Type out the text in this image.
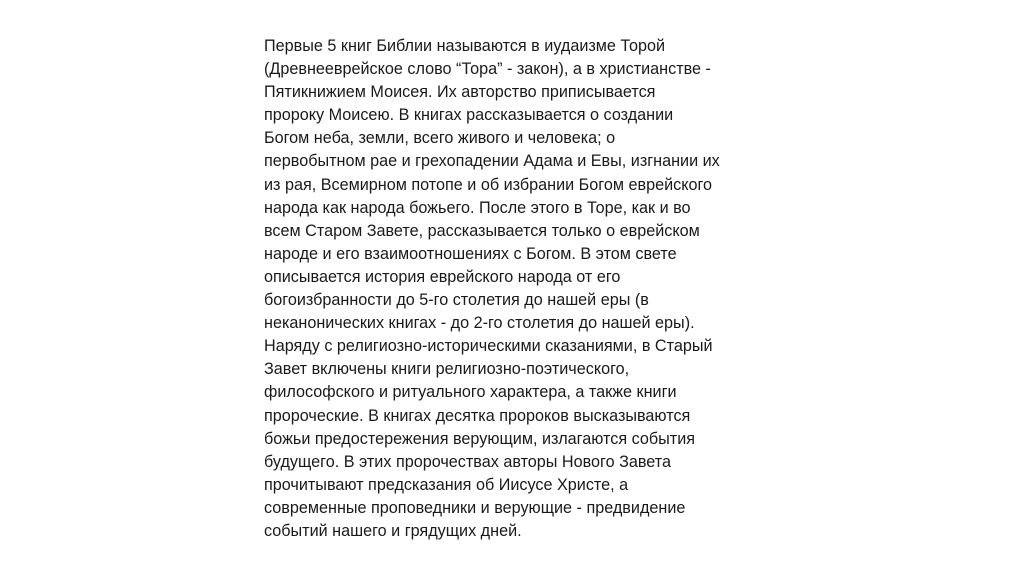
Первые 5 книг Библии называются в иудаизме Торой
(Древнееврейское слово “Тора” - закон), а в христианстве -
Пятикнижием Моисея. Их авторство приписывается
пророку Моисею. В книгах рассказывается о создании
Богом неба, земли, всего живого и человека; о
первобытном рае и грехопадении Адама и Евы, изгнании их
из рая, Всемирном потопе и об избрании Богом еврейского
народа как народа божьего. После этого в Торе, как и во
всем Старом Завете, рассказывается только о еврейском
народе и его взаимоотношениях с Богом. В этом свете
описывается история еврейского народа от его
богоизбранности до 5-го столетия до нашей еры (в
неканонических книгах - до 2-го столетия до нашей еры).
Наряду с религиозно-историческими сказаниями, в Старый
Завет включены книги религиозно-поэтического,
философского и ритуального характера, а также книги
пророческие. В книгах десятка пророков высказываются
божьи предостережения верующим, излагаются события
будущего. В этих пророчествах авторы Нового Завета
прочитывают предсказания об Иисусе Христе, а
современные проповедники и верующие - предвидение
событий нашего и грядущих дней.
